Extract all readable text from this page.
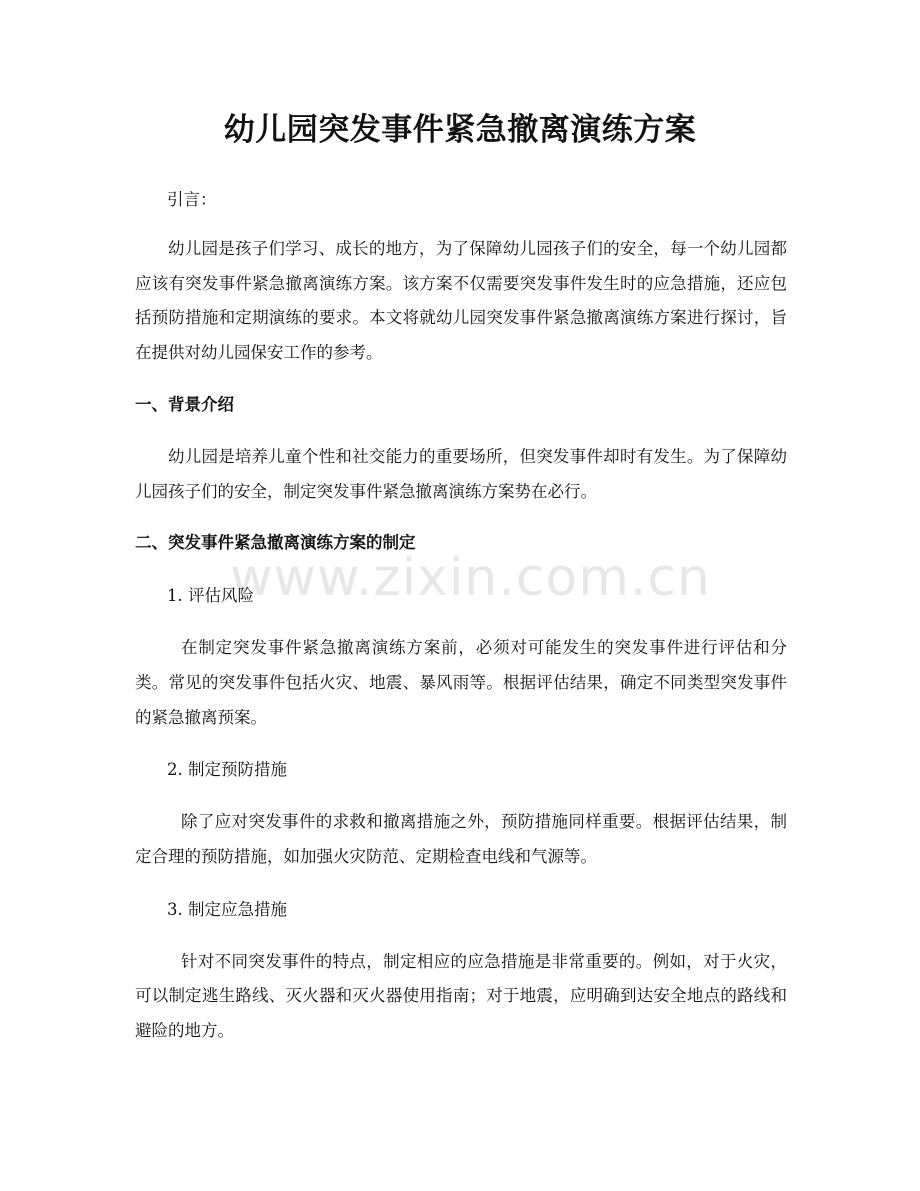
幼儿园突发事件紧急撤离演练方案

引言：

幼儿园是孩子们学习、成长的地方，为了保障幼儿园孩子们的安全，每一个幼儿园都应该有突发事件紧急撤离演练方案。该方案不仅需要突发事件发生时的应急措施，还应包括预防措施和定期演练的要求。本文将就幼儿园突发事件紧急撤离演练方案进行探讨，旨在提供对幼儿园保安工作的参考。

一、背景介绍

幼儿园是培养儿童个性和社交能力的重要场所，但突发事件却时有发生。为了保障幼儿园孩子们的安全，制定突发事件紧急撤离演练方案势在必行。

二、突发事件紧急撤离演练方案的制定

1. 评估风险

在制定突发事件紧急撤离演练方案前，必须对可能发生的突发事件进行评估和分类。常见的突发事件包括火灾、地震、暴风雨等。根据评估结果，确定不同类型突发事件的紧急撤离预案。

2. 制定预防措施

除了应对突发事件的求救和撤离措施之外，预防措施同样重要。根据评估结果，制定合理的预防措施，如加强火灾防范、定期检查电线和气源等。

3. 制定应急措施

针对不同突发事件的特点，制定相应的应急措施是非常重要的。例如，对于火灾，可以制定逃生路线、灭火器和灭火器使用指南；对于地震，应明确到达安全地点的路线和避险的地方。

www.zixin.com.cn
